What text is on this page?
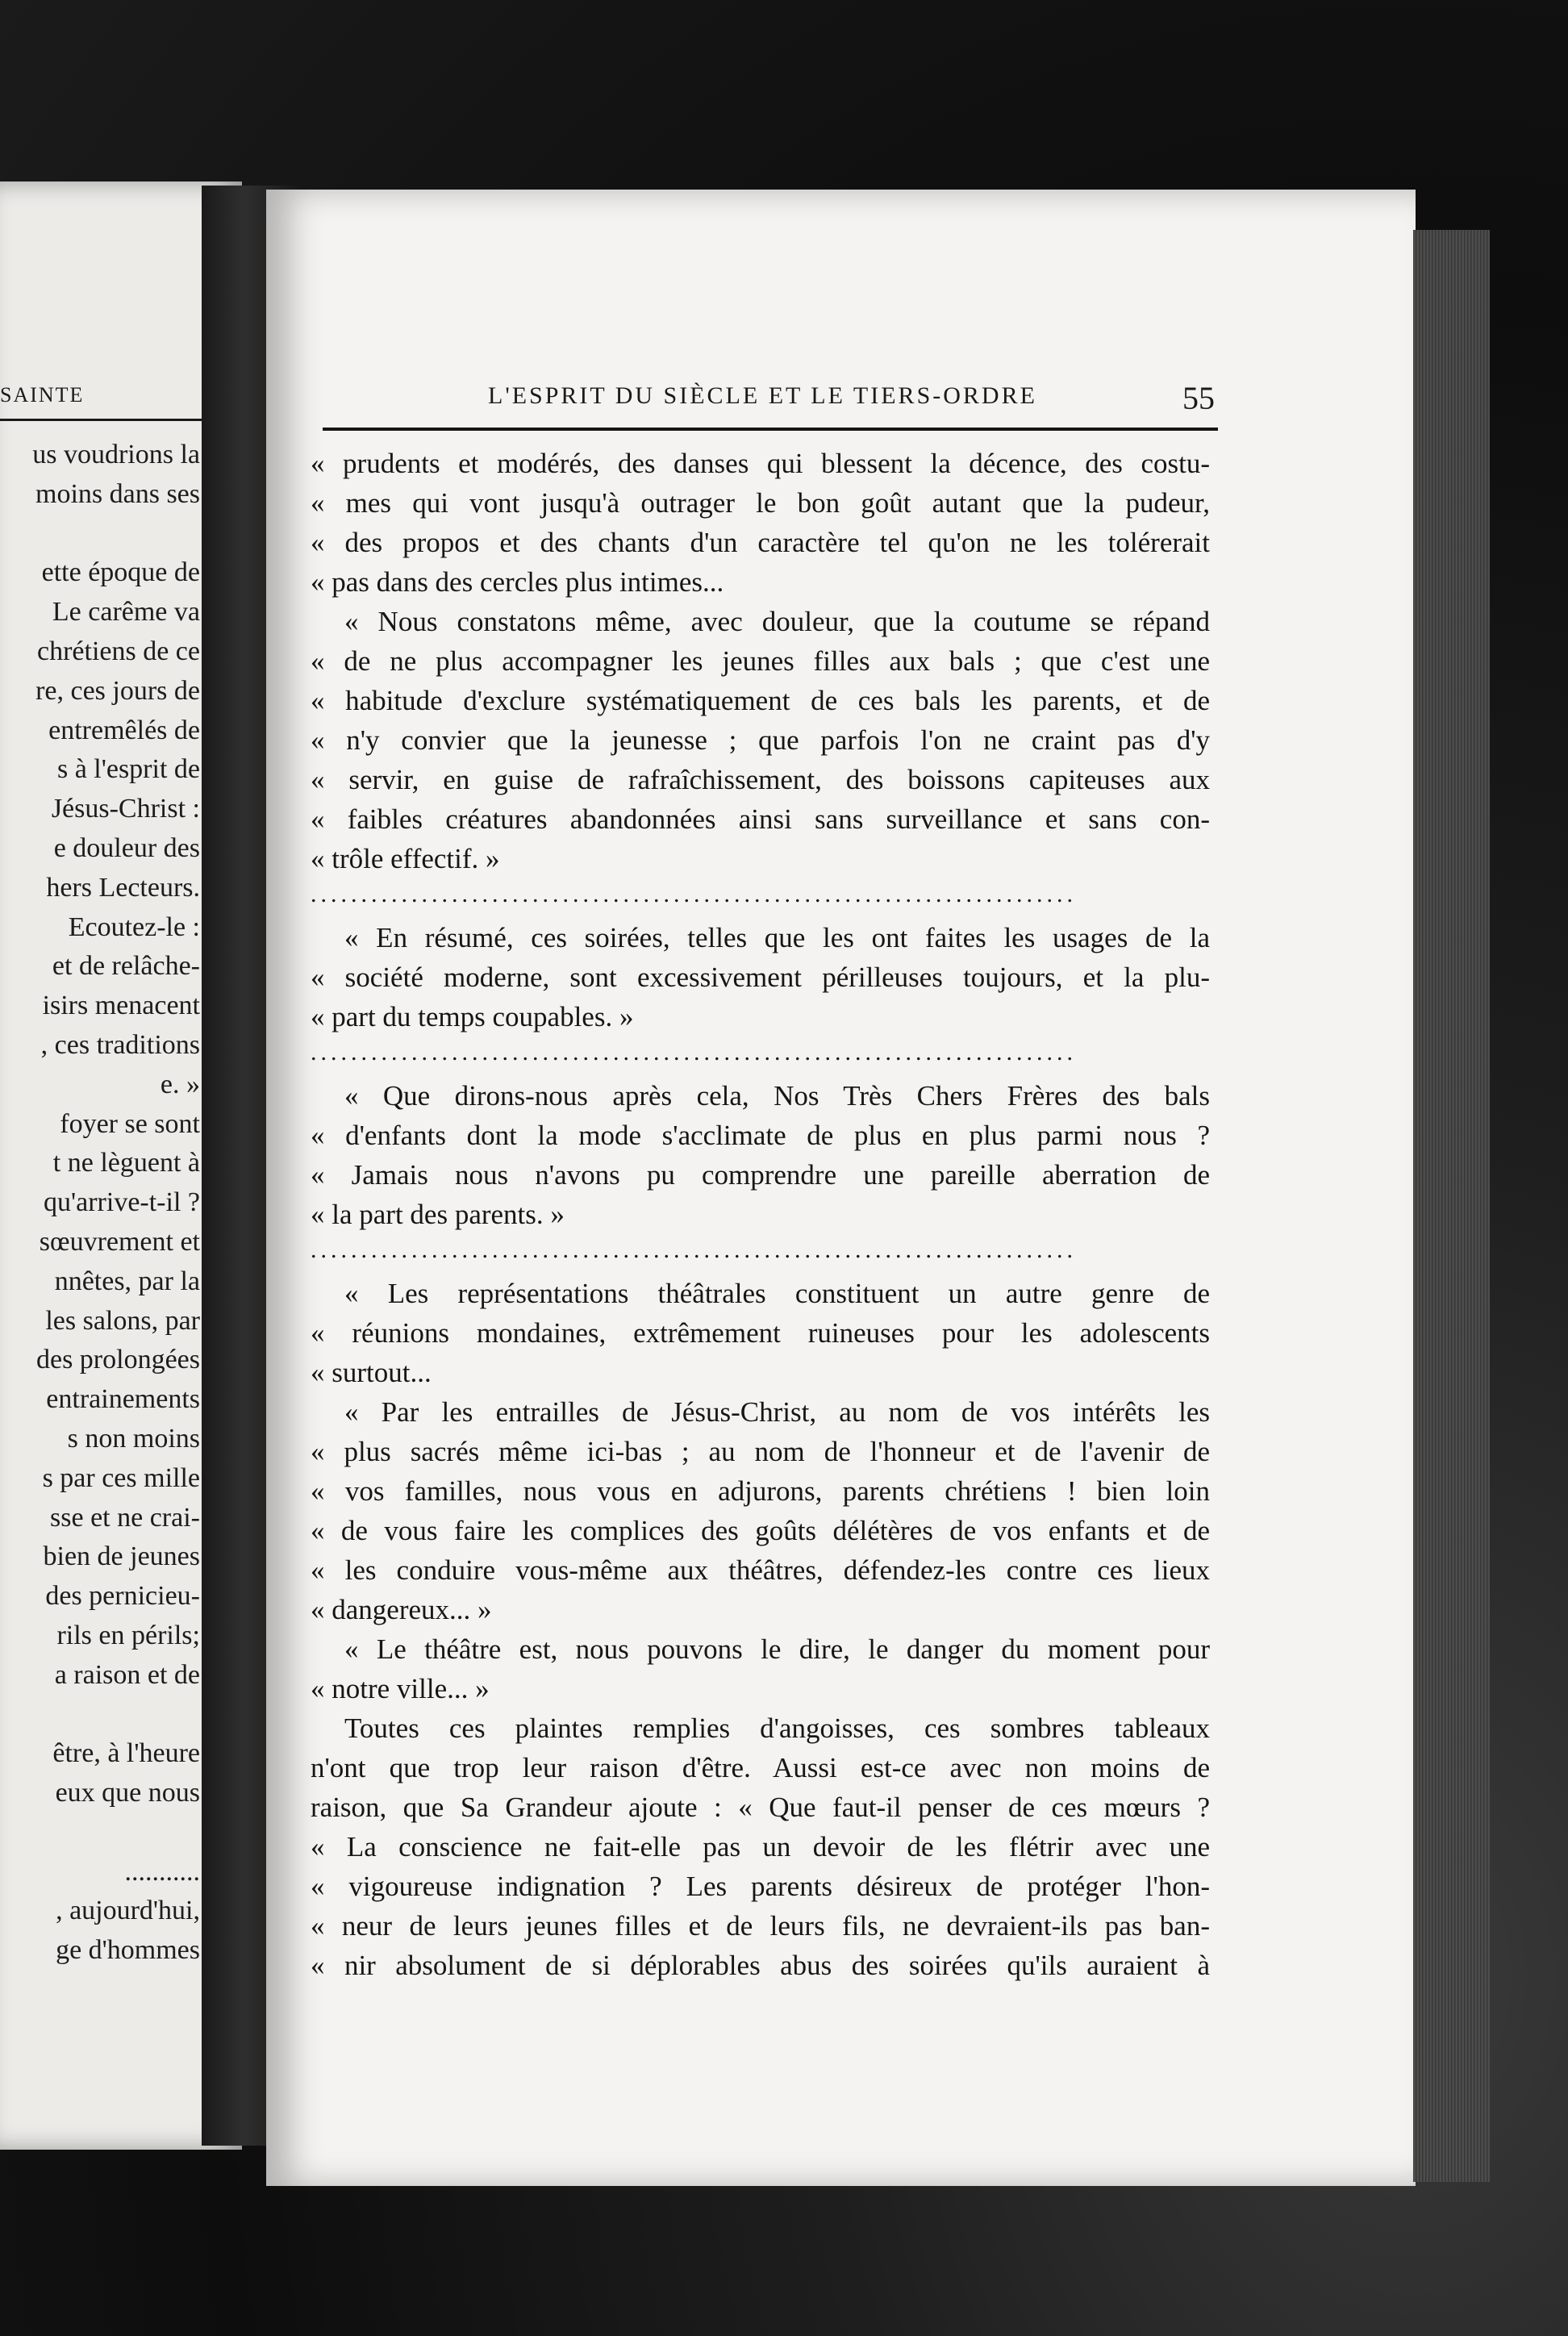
SAINTE
us voudrions la
moins dans ses
ette époque de
Le carême va
chrétiens de ce
re, ces jours de
entremêlés de
s à l'esprit de
Jésus-Christ :
e douleur des
hers Lecteurs.
Ecoutez-le :
et de relâche-
isirs menacent
, ces traditions
e. »
foyer se sont
t ne lèguent à
qu'arrive-t-il ?
sœuvrement et
nnêtes, par la
les salons, par
des prolongées
entrainements
s non moins
s par ces mille
sse et ne crai-
bien de jeunes
des pernicieu-
rils en périls;
a raison et de
être, à l'heure
eux que nous
...........
, aujourd'hui,
ge d'hommes
L'ESPRIT DU SIÈCLE ET LE TIERS-ORDRE	55
« prudents et modérés, des danses qui blessent la décence, des costu-
« mes qui vont jusqu'à outrager le bon goût autant que la pudeur,
« des propos et des chants d'un caractère tel qu'on ne les tolérerait
« pas dans des cercles plus intimes...
« Nous constatons même, avec douleur, que la coutume se répand
« de ne plus accompagner les jeunes filles aux bals ; que c'est une
« habitude d'exclure systématiquement de ces bals les parents, et de
« n'y convier que la jeunesse ; que parfois l'on ne craint pas d'y
« servir, en guise de rafraîchissement, des boissons capiteuses aux
« faibles créatures abandonnées ainsi sans surveillance et sans con-
« trôle effectif. »
............................................................................
« En résumé, ces soirées, telles que les ont faites les usages de la
« société moderne, sont excessivement périlleuses toujours, et la plu-
« part du temps coupables. »
............................................................................
« Que dirons-nous après cela, Nos Très Chers Frères des bals
« d'enfants dont la mode s'acclimate de plus en plus parmi nous ?
« Jamais nous n'avons pu comprendre une pareille aberration de
« la part des parents. »
............................................................................
« Les représentations théâtrales constituent un autre genre de
« réunions mondaines, extrêmement ruineuses pour les adolescents
« surtout...
« Par les entrailles de Jésus-Christ, au nom de vos intérêts les
« plus sacrés même ici-bas ; au nom de l'honneur et de l'avenir de
« vos familles, nous vous en adjurons, parents chrétiens ! bien loin
« de vous faire les complices des goûts délétères de vos enfants et de
« les conduire vous-même aux théâtres, défendez-les contre ces lieux
« dangereux... »
« Le théâtre est, nous pouvons le dire, le danger du moment pour
« notre ville... »
Toutes ces plaintes remplies d'angoisses, ces sombres tableaux
n'ont que trop leur raison d'être. Aussi est-ce avec non moins de
raison, que Sa Grandeur ajoute : « Que faut-il penser de ces mœurs ?
« La conscience ne fait-elle pas un devoir de les flétrir avec une
« vigoureuse indignation ? Les parents désireux de protéger l'hon-
« neur de leurs jeunes filles et de leurs fils, ne devraient-ils pas ban-
« nir absolument de si déplorables abus des soirées qu'ils auraient à
